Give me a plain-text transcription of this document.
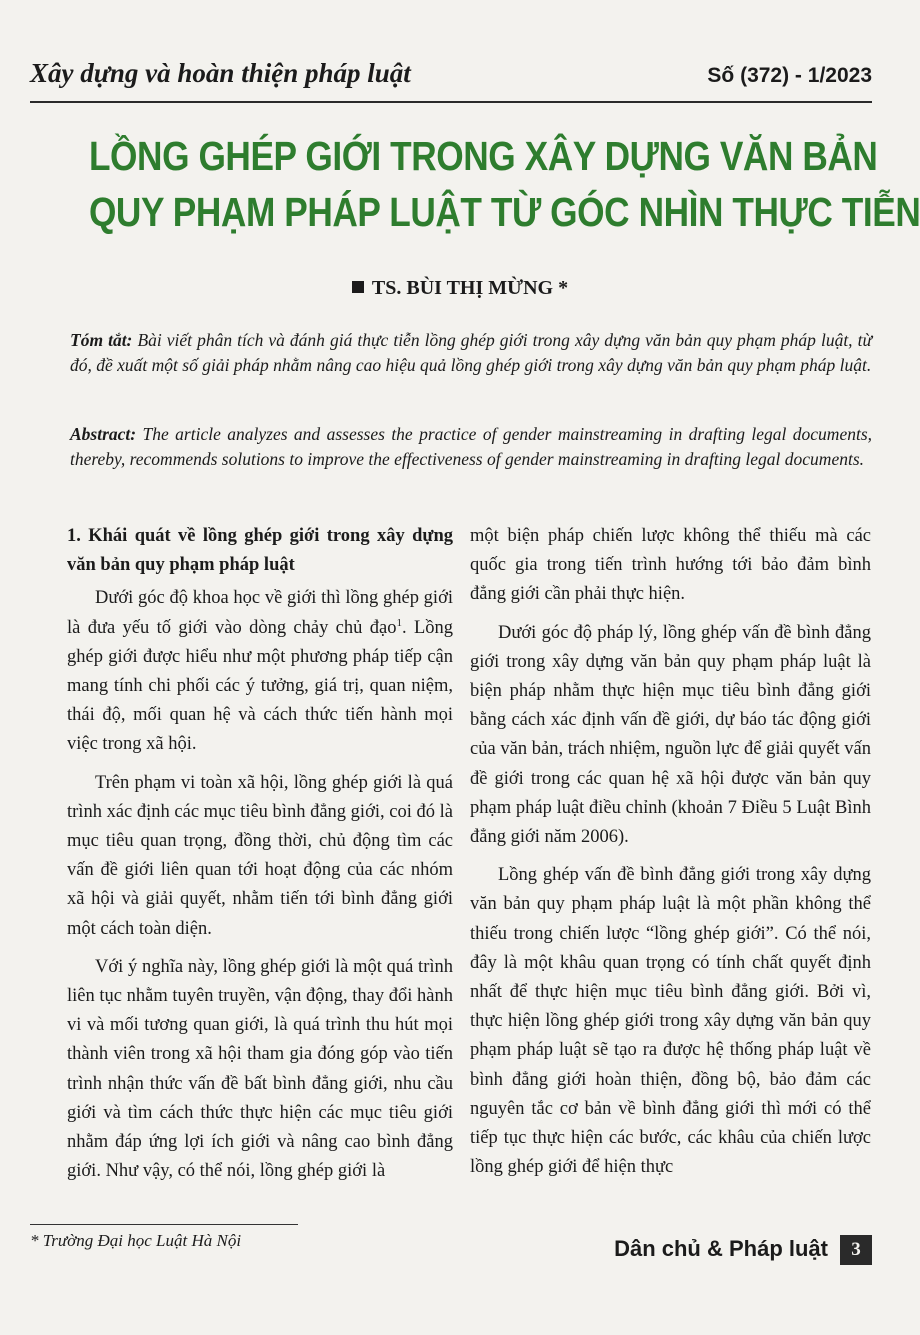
Xây dựng và hoàn thiện pháp luật	Số (372) - 1/2023
LỒNG GHÉP GIỚI TRONG XÂY DỰNG VĂN BẢN
QUY PHẠM PHÁP LUẬT TỪ GÓC NHÌN THỰC TIỄN
TS. BÙI THỊ MỪNG *
Tóm tắt: Bài viết phân tích và đánh giá thực tiễn lồng ghép giới trong xây dựng văn bản quy phạm pháp luật, từ đó, đề xuất một số giải pháp nhằm nâng cao hiệu quả lồng ghép giới trong xây dựng văn bản quy phạm pháp luật.
Abstract: The article analyzes and assesses the practice of gender mainstreaming in drafting legal documents, thereby, recommends solutions to improve the effectiveness of gender mainstreaming in drafting legal documents.
1. Khái quát về lồng ghép giới trong xây dựng văn bản quy phạm pháp luật

Dưới góc độ khoa học về giới thì lồng ghép giới là đưa yếu tố giới vào dòng chảy chủ đạo$^1$. Lồng ghép giới được hiểu như một phương pháp tiếp cận mang tính chi phối các ý tưởng, giá trị, quan niệm, thái độ, mối quan hệ và cách thức tiến hành mọi việc trong xã hội.

Trên phạm vi toàn xã hội, lồng ghép giới là quá trình xác định các mục tiêu bình đẳng giới, coi đó là mục tiêu quan trọng, đồng thời, chủ động tìm các vấn đề giới liên quan tới hoạt động của các nhóm xã hội và giải quyết, nhằm tiến tới bình đẳng giới một cách toàn diện.

Với ý nghĩa này, lồng ghép giới là một quá trình liên tục nhằm tuyên truyền, vận động, thay đổi hành vi và mối tương quan giới, là quá trình thu hút mọi thành viên trong xã hội tham gia đóng góp vào tiến trình nhận thức vấn đề bất bình đẳng giới, nhu cầu giới và tìm cách thức thực hiện các mục tiêu giới nhằm đáp ứng lợi ích giới và nâng cao bình đẳng giới. Như vậy, có thể nói, lồng ghép giới là

một biện pháp chiến lược không thể thiếu mà các quốc gia trong tiến trình hướng tới bảo đảm bình đẳng giới cần phải thực hiện.

Dưới góc độ pháp lý, lồng ghép vấn đề bình đẳng giới trong xây dựng văn bản quy phạm pháp luật là biện pháp nhằm thực hiện mục tiêu bình đẳng giới bằng cách xác định vấn đề giới, dự báo tác động giới của văn bản, trách nhiệm, nguồn lực để giải quyết vấn đề giới trong các quan hệ xã hội được văn bản quy phạm pháp luật điều chỉnh (khoản 7 Điều 5 Luật Bình đẳng giới năm 2006).

Lồng ghép vấn đề bình đẳng giới trong xây dựng văn bản quy phạm pháp luật là một phần không thể thiếu trong chiến lược “lồng ghép giới”. Có thể nói, đây là một khâu quan trọng có tính chất quyết định nhất để thực hiện mục tiêu bình đẳng giới. Bởi vì, thực hiện lồng ghép giới trong xây dựng văn bản quy phạm pháp luật sẽ tạo ra được hệ thống pháp luật về bình đẳng giới hoàn thiện, đồng bộ, bảo đảm các nguyên tắc cơ bản về bình đẳng giới thì mới có thể tiếp tục thực hiện các bước, các khâu của chiến lược lồng ghép giới để hiện thực

* Trường Đại học Luật Hà Nội	Dân chủ & Pháp luật	3
